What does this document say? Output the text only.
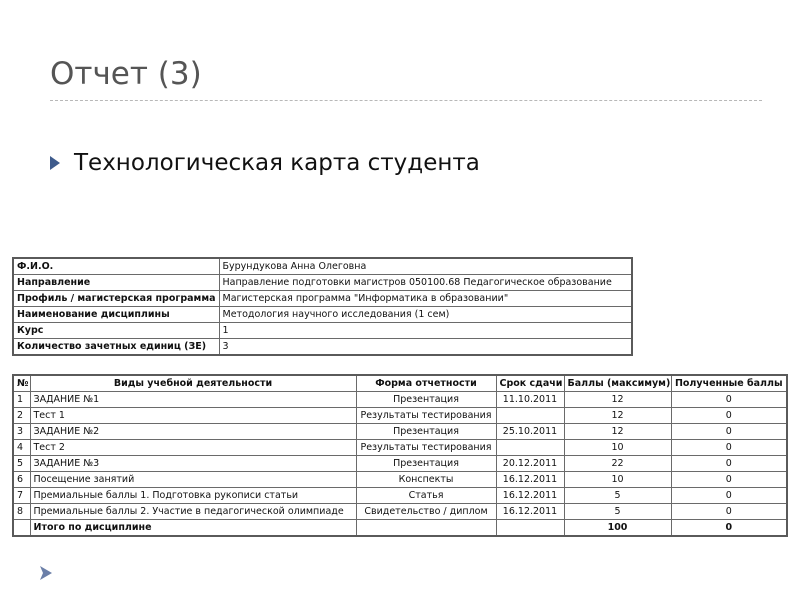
Отчет (3)
Технологическая карта студента
Ф.И.О.	Бурундукова Анна Олеговна
Направление	Направление подготовки магистров 050100.68 Педагогическое образование
Профиль / магистерская программа	Магистерская программа "Информатика в образовании"
Наименование дисциплины	Методология научного исследования (1 сем)
Курс	1
Количество зачетных единиц (ЗЕ)	3
№	Виды учебной деятельности	Форма отчетности	Срок сдачи	Баллы (максимум)	Полученные баллы
1	ЗАДАНИЕ №1	Презентация	11.10.2011	12	0
2	Тест 1	Результаты тестирования		12	0
3	ЗАДАНИЕ №2	Презентация	25.10.2011	12	0
4	Тест 2	Результаты тестирования		10	0
5	ЗАДАНИЕ №3	Презентация	20.12.2011	22	0
6	Посещение занятий	Конспекты	16.12.2011	10	0
7	Премиальные баллы 1. Подготовка рукописи статьи	Статья	16.12.2011	5	0
8	Премиальные баллы 2. Участие в педагогической олимпиаде	Свидетельство / диплом	16.12.2011	5	0
	Итого по дисциплине			100	0
